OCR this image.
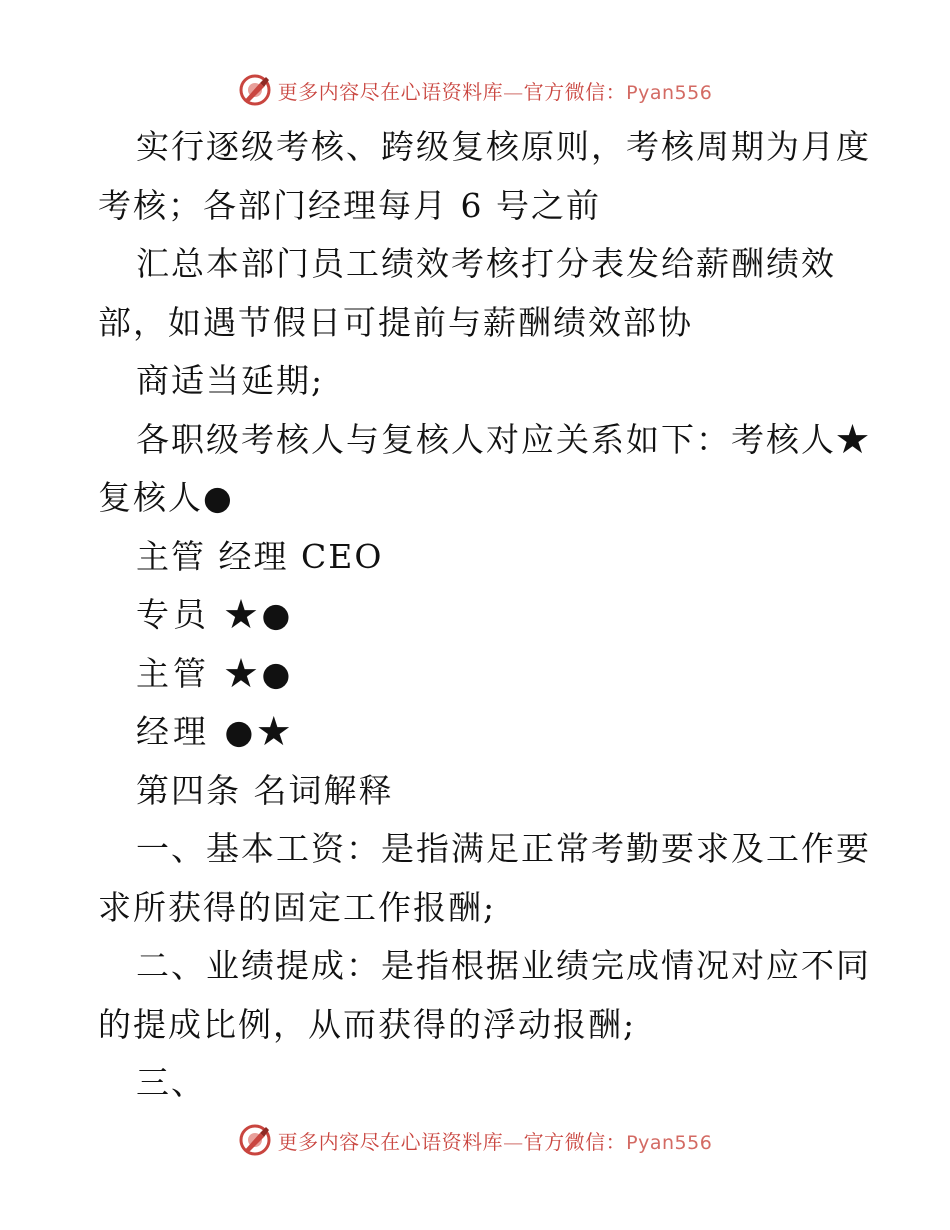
更多内容尽在心语资料库—官方微信：Pyan556
实行逐级考核、跨级复核原则，考核周期为月度
考核；各部门经理每月 6 号之前
汇总本部门员工绩效考核打分表发给薪酬绩效
部，如遇节假日可提前与薪酬绩效部协
商适当延期;
各职级考核人与复核人对应关系如下：考核人★
复核人●
主管 经理 CEO
专员 ★●
主管 ★●
经理 ●★
第四条 名词解释
一、基本工资：是指满足正常考勤要求及工作要
求所获得的固定工作报酬;
二、业绩提成：是指根据业绩完成情况对应不同
的提成比例，从而获得的浮动报酬;
三、
更多内容尽在心语资料库—官方微信：Pyan556
